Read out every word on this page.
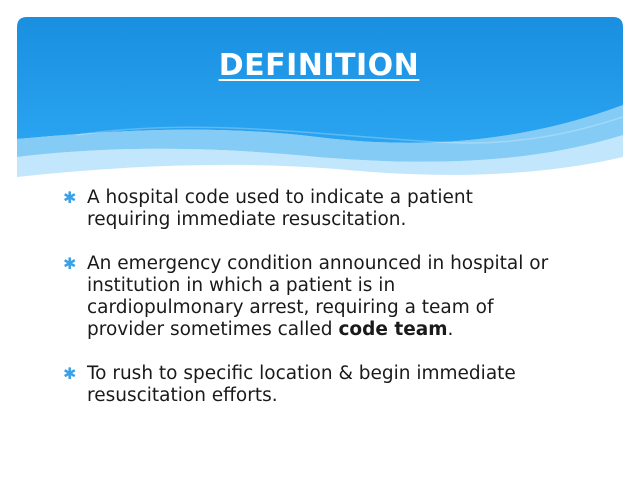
DEFINITION
✱ A hospital code used to indicate a patient
requiring immediate resuscitation.
✱ An emergency condition announced in hospital or
institution in which a patient is in
cardiopulmonary arrest, requiring a team of
provider sometimes called code team.
✱ To rush to specific location & begin immediate
resuscitation efforts.
